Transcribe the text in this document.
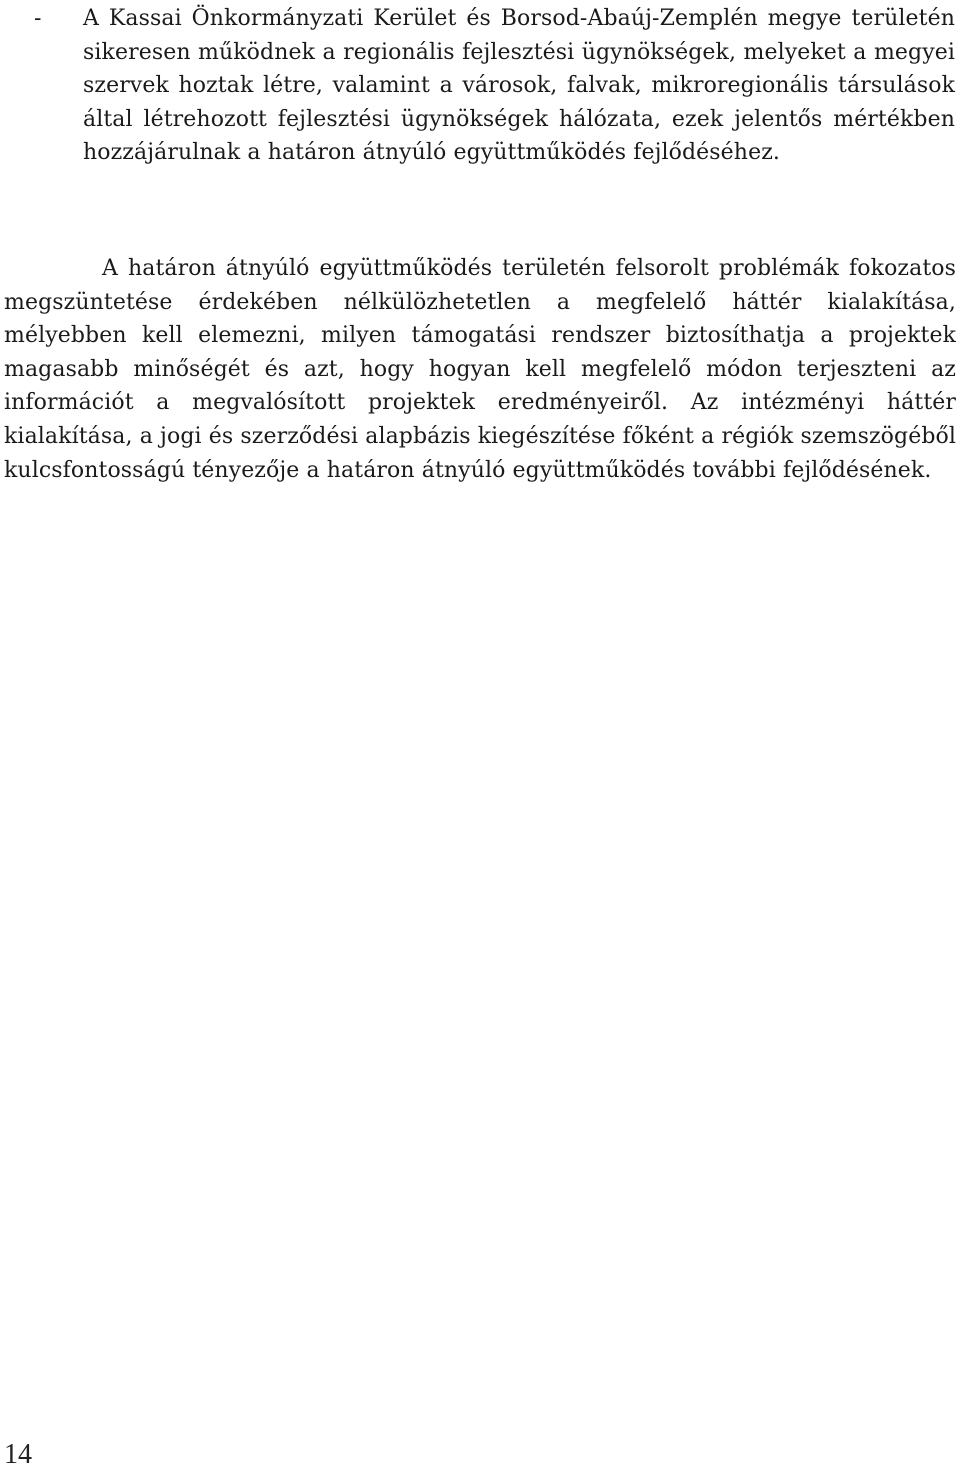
- A Kassai Önkormányzati Kerület és Borsod-Abaúj-Zemplén megye területén sikeresen működnek a regionális fejlesztési ügynökségek, melyeket a megyei szervek hoztak létre, valamint a városok, falvak, mikroregionális társulások által létrehozott fejlesztési ügynökségek hálózata, ezek jelentős mértékben hozzájárulnak a határon átnyúló együttműködés fejlődéséhez.

A határon átnyúló együttműködés területén felsorolt problémák fokozatos megszüntetése érdekében nélkülözhetetlen a megfelelő háttér kialakítása, mélyebben kell elemezni, milyen támogatási rendszer biztosíthatja a projektek magasabb minőségét és azt, hogy hogyan kell megfelelő módon terjeszteni az információt a megvalósított projektek eredményeiről. Az intézményi háttér kialakítása, a jogi és szerződési alapbázis kiegészítése főként a régiók szemszögéből kulcsfontosságú tényezője a határon átnyúló együttműködés további fejlődésének.

14
